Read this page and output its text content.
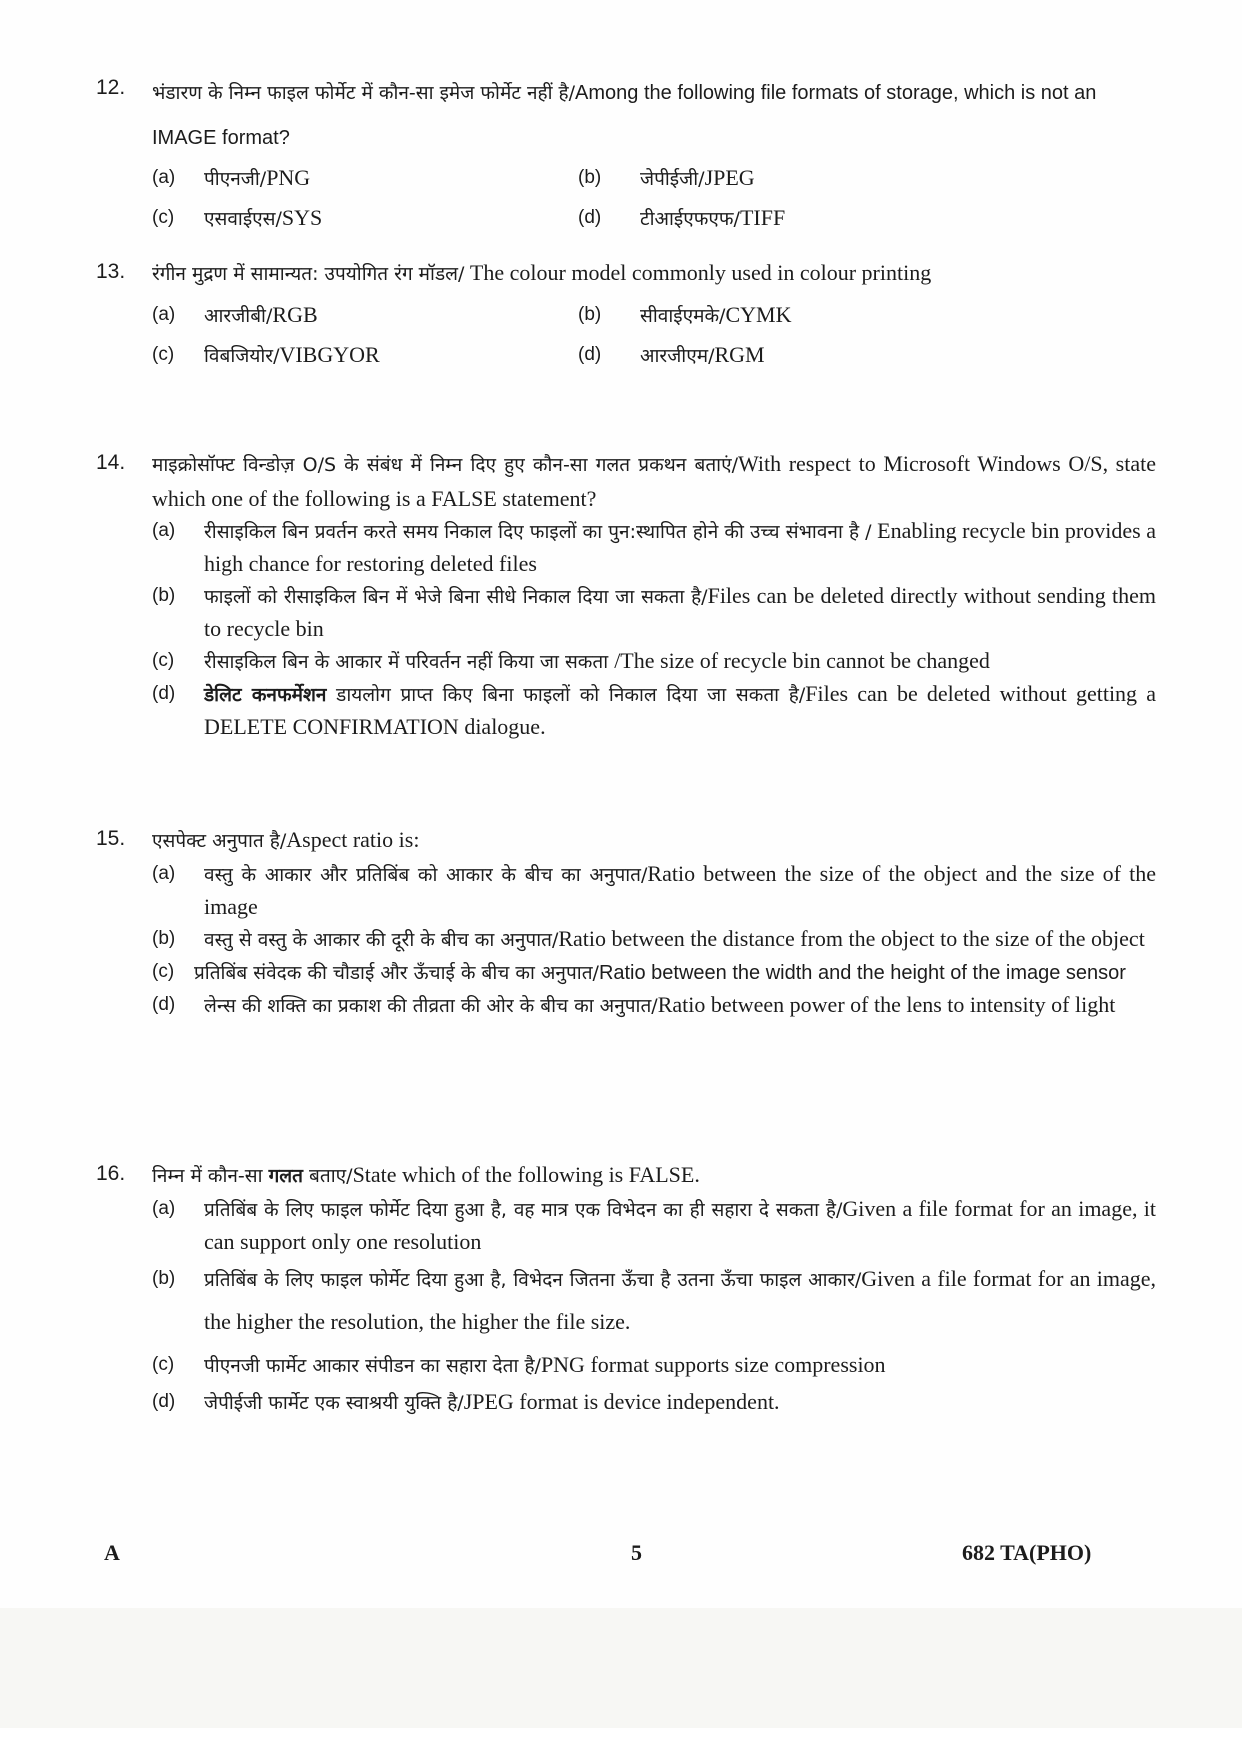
12. भंडारण के निम्न फाइल फोर्मेट में कौन-सा इमेज फोर्मेट नहीं है/Among the following file formats of storage, which is not an IMAGE format?
(a) पीएनजी/PNG	(b) जेपीईजी/JPEG
(c) एसवाईएस/SYS	(d) टीआईएफएफ/TIFF
13. रंगीन मुद्रण में सामान्यत: उपयोगित रंग मॉडल/ The colour model commonly used in colour printing
(a) आरजीबी/RGB	(b) सीवाईएमके/CYMK
(c) विबजियोर/VIBGYOR	(d) आरजीएम/RGM
14. माइक्रोसॉफ्ट विन्डोज़ O/S के संबंध में निम्न दिए हुए कौन-सा गलत प्रकथन बताएं/With respect to Microsoft Windows O/S, state which one of the following is a FALSE statement?
(a) रीसाइकिल बिन प्रवर्तन करते समय निकाल दिए फाइलों का पुन:स्थापित होने की उच्च संभावना है / Enabling recycle bin provides a high chance for restoring deleted files
(b) फाइलों को रीसाइकिल बिन में भेजे बिना सीधे निकाल दिया जा सकता है/Files can be deleted directly without sending them to recycle bin
(c) रीसाइकिल बिन के आकार में परिवर्तन नहीं किया जा सकता /The size of recycle bin cannot be changed
(d) डेलिट कनफर्मेशन डायलोग प्राप्त किए बिना फाइलों को निकाल दिया जा सकता है/Files can be deleted without getting a DELETE CONFIRMATION dialogue.
15. एसपेक्ट अनुपात है/Aspect ratio is:
(a) वस्तु के आकार और प्रतिबिंब को आकार के बीच का अनुपात/Ratio between the size of the object and the size of the image
(b) वस्तु से वस्तु के आकार की दूरी के बीच का अनुपात/Ratio between the distance from the object to the size of the object
(c) प्रतिबिंब संवेदक की चौडाई और ऊँचाई के बीच का अनुपात/Ratio between the width and the height of the image sensor
(d) लेन्स की शक्ति का प्रकाश की तीव्रता की ओर के बीच का अनुपात/Ratio between power of the lens to intensity of light
16. निम्न में कौन-सा गलत बताए/State which of the following is FALSE.
(a) प्रतिबिंब के लिए फाइल फोर्मेट दिया हुआ है, वह मात्र एक विभेदन का ही सहारा दे सकता है/Given a file format for an image, it can support only one resolution
(b) प्रतिबिंब के लिए फाइल फोर्मेट दिया हुआ है, विभेदन जितना ऊँचा है उतना ऊँचा फाइल आकार/Given a file format for an image, the higher the resolution, the higher the file size.
(c) पीएनजी फार्मेट आकार संपीडन का सहारा देता है/PNG format supports size compression
(d) जेपीईजी फार्मेट एक स्वाश्रयी युक्ति है/JPEG format is device independent.
A	5	682 TA(PHO)
